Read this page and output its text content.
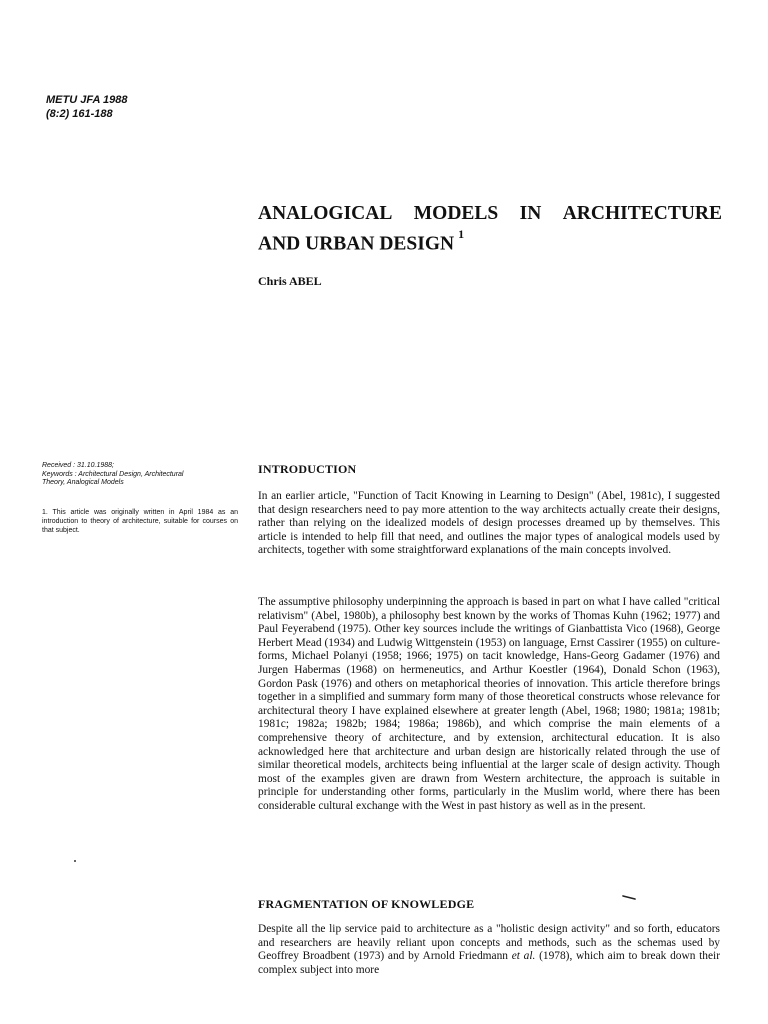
METU JFA 1988
(8:2) 161-188
ANALOGICAL MODELS IN ARCHITECTURE
AND URBAN DESIGN $^1$
Chris ABEL
Received : 31.10.1988;
Keywords : Architectural Design, Architectural
Theory, Analogical Models
1. This article was originally written in April 1984 as an introduction to theory of architecture, suitable for courses on that subject.
INTRODUCTION
In an earlier article, "Function of Tacit Knowing in Learning to Design" (Abel, 1981c), I suggested that design researchers need to pay more attention to the way architects actually create their designs, rather than relying on the idealized models of design processes dreamed up by themselves. This article is intended to help fill that need, and outlines the major types of analogical models used by architects, together with some straightforward explanations of the main concepts involved.
The assumptive philosophy underpinning the approach is based in part on what I have called "critical relativism" (Abel, 1980b), a philosophy best known by the works of Thomas Kuhn (1962; 1977) and Paul Feyerabend (1975). Other key sources include the writings of Gianbattista Vico (1968), George Herbert Mead (1934) and Ludwig Wittgenstein (1953) on language, Ernst Cassirer (1955) on culture-forms, Michael Polanyi (1958; 1966; 1975) on tacit knowledge, Hans-Georg Gadamer (1976) and Jurgen Habermas (1968) on hermeneutics, and Arthur Koestler (1964), Donald Schon (1963), Gordon Pask (1976) and others on metaphorical theories of innovation. This article therefore brings together in a simplified and summary form many of those theoretical constructs whose relevance for architectural theory I have explained elsewhere at greater length (Abel, 1968; 1980; 1981a; 1981b; 1981c; 1982a; 1982b; 1984; 1986a; 1986b), and which comprise the main elements of a comprehensive theory of architecture, and by extension, architectural education. It is also acknowledged here that architecture and urban design are historically related through the use of similar theoretical models, architects being influential at the larger scale of design activity. Though most of the examples given are drawn from Western architecture, the approach is suitable in principle for understanding other forms, particularly in the Muslim world, where there has been considerable cultural exchange with the West in past history as well as in the present.
FRAGMENTATION OF KNOWLEDGE
Despite all the lip service paid to architecture as a "holistic design activity" and so forth, educators and researchers are heavily reliant upon concepts and methods, such as the schemas used by Geoffrey Broadbent (1973) and by Arnold Friedmann et al. (1978), which aim to break down their complex subject into more
